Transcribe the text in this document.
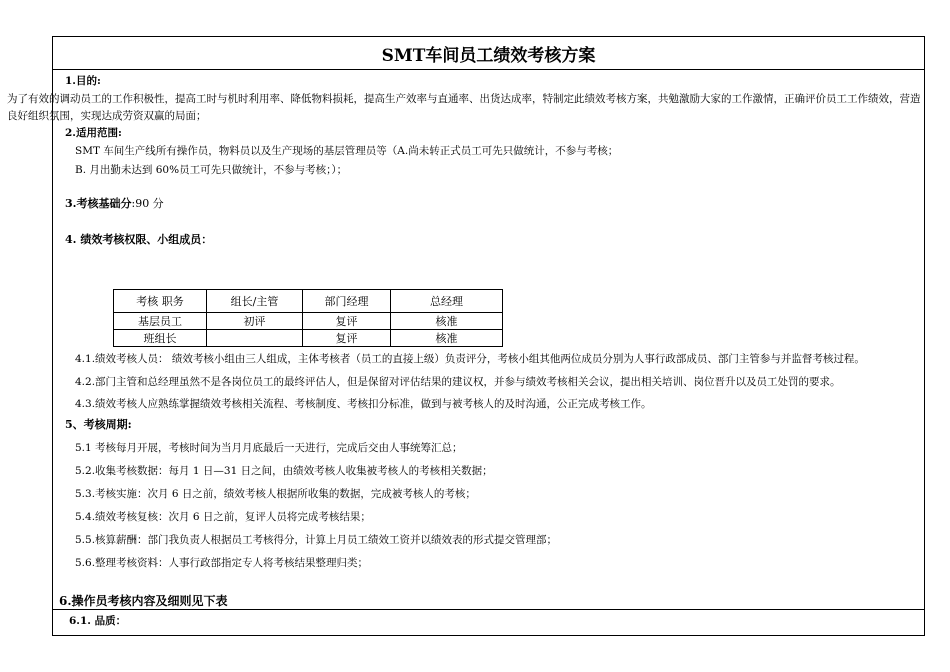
SMT车间员工绩效考核方案
1.目的:
为了有效的调动员工的工作积极性，提高工时与机时利用率、降低物料损耗，提高生产效率与直通率、出货达成率，特制定此绩效考核方案，共勉激励大家的工作激情，正确评价员工工作绩效，营造良好组织氛围，实现达成劳资双赢的局面；
2.适用范围:
SMT 车间生产线所有操作员，物料员以及生产现场的基层管理员等（A.尚未转正式员工可先只做统计，不参与考核；
B. 月出勤未达到 60%员工可先只做统计，不参与考核；）；
3.考核基础分:90 分
4. 绩效考核权限、小组成员：
考核 职务	组长/主管	部门经理	总经理
基层员工	初评	复评	核准
班组长		复评	核准
4.1.绩效考核人员： 绩效考核小组由三人组成，主体考核者（员工的直接上级）负责评分，考核小组其他两位成员分别为人事行政部成员、部门主管参与并监督考核过程。
4.2.部门主管和总经理虽然不是各岗位员工的最终评估人，但是保留对评估结果的建议权，并参与绩效考核相关会议，提出相关培训、岗位晋升以及员工处罚的要求。
4.3.绩效考核人应熟练掌握绩效考核相关流程、考核制度、考核扣分标准，做到与被考核人的及时沟通，公正完成考核工作。
5、考核周期:
5.1 考核每月开展，考核时间为当月月底最后一天进行，完成后交由人事统筹汇总；
5.2.收集考核数据：每月 1 日—31 日之间，由绩效考核人收集被考核人的考核相关数据；
5.3.考核实施：次月 6 日之前，绩效考核人根据所收集的数据，完成被考核人的考核；
5.4.绩效考核复核：次月 6 日之前，复评人员将完成考核结果；
5.5.核算薪酬：部门我负责人根据员工考核得分，计算上月员工绩效工资并以绩效表的形式提交管理部；
5.6.整理考核资料：人事行政部指定专人将考核结果整理归类；
6.操作员考核内容及细则见下表
6.1. 品质：
